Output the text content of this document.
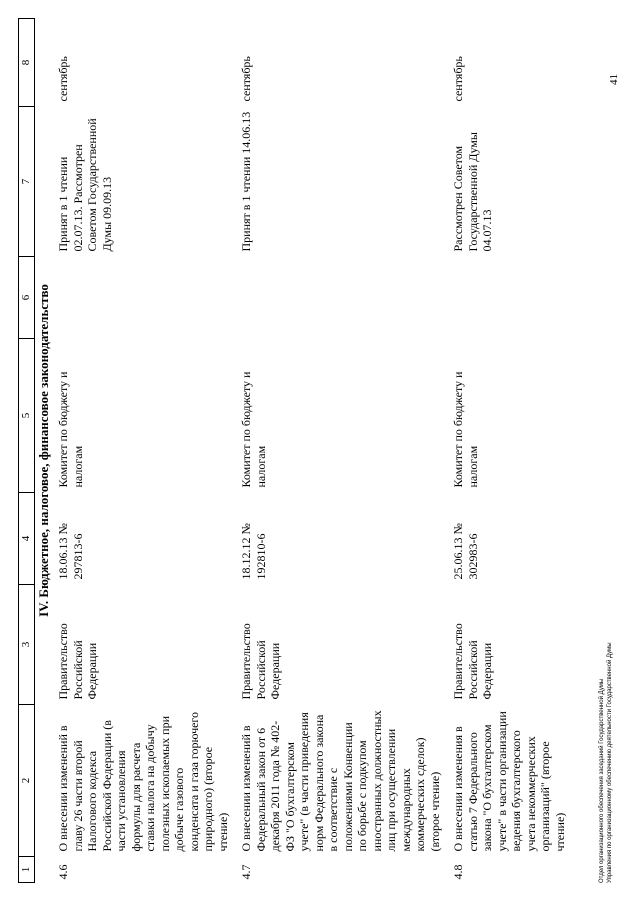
1	2	3	4	5	6	7	8
IV. Бюджетное, налоговое, финансовое законодательство							
4.6	О внесении изменений в главу 26 части второй Налогового кодекса Российской Федерации (в части установления формулы для расчета ставки налога на добычу полезных ископаемых при добыче газового конденсата и газа горючего природного) (второе чтение)	Правительство Российской Федерации	18.06.13 № 297813-6	Комитет по бюджету и налогам		Принят в 1 чтении 02.07.13. Рассмотрен Советом Государственной Думы 09.09.13	сентябрь
4.7	О внесении изменений в Федеральный закон от 6 декабря 2011 года № 402-ФЗ "О бухгалтерском учете" (в части приведения норм Федерального закона в соответствие с положениями Конвенции по борьбе с подкупом иностранных должностных лиц при осуществлении международных коммерческих сделок) (второе чтение)	Правительство Российской Федерации	18.12.12 № 192810-6	Комитет по бюджету и налогам		Принят в 1 чтении 14.06.13	сентябрь
4.8	О внесении изменения в статью 7 Федерального закона "О бухгалтерском учете" в части организации ведения бухгалтерского учета некоммерческих организаций" (второе чтение)	Правительство Российской Федерации	25.06.13 № 302983-6	Комитет по бюджету и налогам		Рассмотрен Советом Государственной Думы 04.07.13	сентябрь
Отдел организационного обеспечения заседаний Государственной Думы Управления по организационному обеспечению деятельности Государственной Думы
41
